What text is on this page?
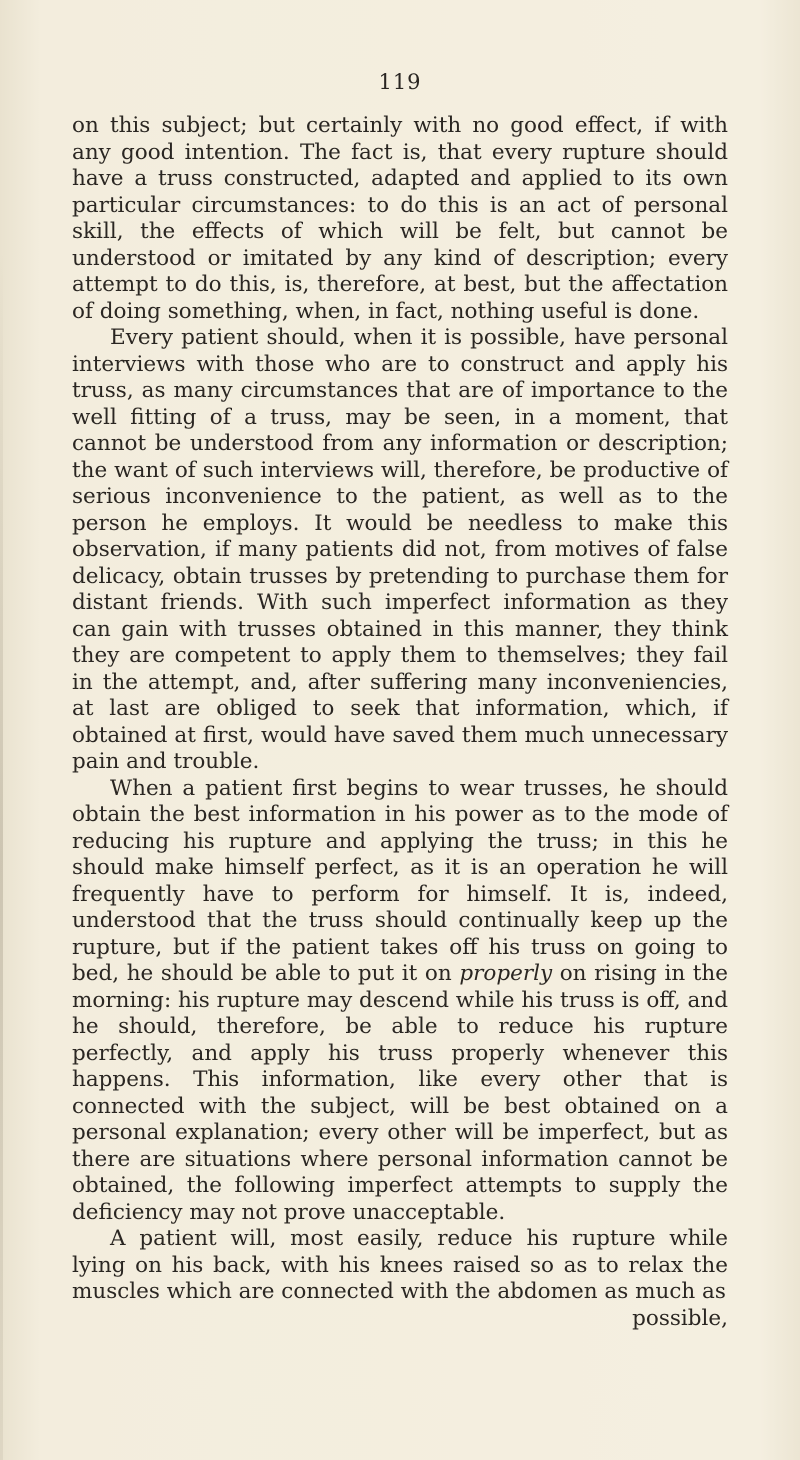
119

on this subject; but certainly with no good effect, if with any good intention. The fact is, that every rupture should have a truss constructed, adapted and applied to its own particular circumstances: to do this is an act of personal skill, the effects of which will be felt, but cannot be understood or imitated by any kind of description; every attempt to do this, is, therefore, at best, but the affectation of doing something, when, in fact, nothing useful is done.

Every patient should, when it is possible, have personal interviews with those who are to construct and apply his truss, as many circumstances that are of importance to the well fitting of a truss, may be seen, in a moment, that cannot be understood from any information or description; the want of such interviews will, therefore, be productive of serious inconvenience to the patient, as well as to the person he employs. It would be needless to make this observation, if many patients did not, from motives of false delicacy, obtain trusses by pretending to purchase them for distant friends. With such imperfect information as they can gain with trusses obtained in this manner, they think they are competent to apply them to themselves; they fail in the attempt, and, after suffering many inconveniencies, at last are obliged to seek that information, which, if obtained at first, would have saved them much unnecessary pain and trouble.

When a patient first begins to wear trusses, he should obtain the best information in his power as to the mode of reducing his rupture and applying the truss; in this he should make himself perfect, as it is an operation he will frequently have to perform for himself. It is, indeed, understood that the truss should continually keep up the rupture, but if the patient takes off his truss on going to bed, he should be able to put it on properly on rising in the morning: his rupture may descend while his truss is off, and he should, therefore, be able to reduce his rupture perfectly, and apply his truss properly whenever this happens. This information, like every other that is connected with the subject, will be best obtained on a personal explanation; every other will be imperfect, but as there are situations where personal information cannot be obtained, the following imperfect attempts to supply the deficiency may not prove unacceptable.

A patient will, most easily, reduce his rupture while lying on his back, with his knees raised so as to relax the muscles which are connected with the abdomen as much as

possible,
